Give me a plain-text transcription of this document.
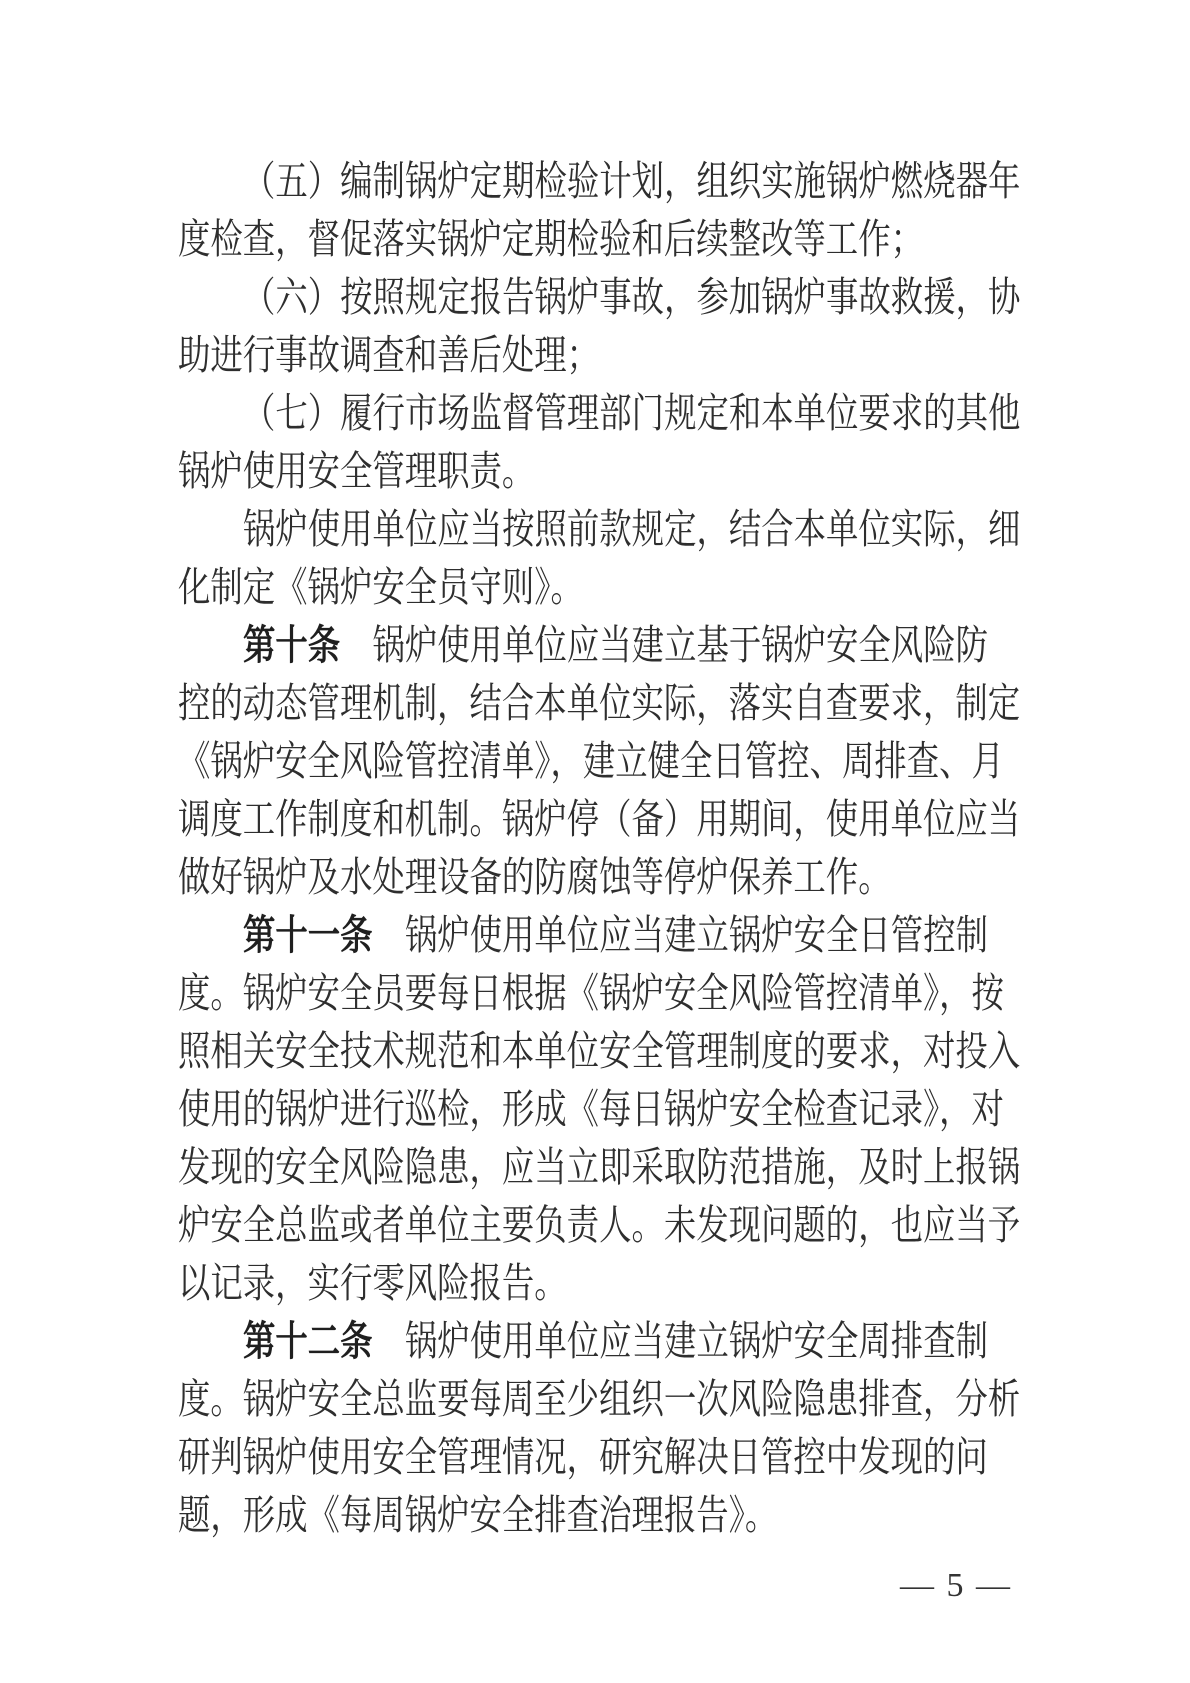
（五）编制锅炉定期检验计划，组织实施锅炉燃烧器年
度检查，督促落实锅炉定期检验和后续整改等工作；
（六）按照规定报告锅炉事故，参加锅炉事故救援，协
助进行事故调查和善后处理；
（七）履行市场监督管理部门规定和本单位要求的其他
锅炉使用安全管理职责。
锅炉使用单位应当按照前款规定，结合本单位实际，细
化制定《锅炉安全员守则》。
第十条　锅炉使用单位应当建立基于锅炉安全风险防
控的动态管理机制，结合本单位实际，落实自查要求，制定
《锅炉安全风险管控清单》，建立健全日管控、周排查、月
调度工作制度和机制。锅炉停（备）用期间，使用单位应当
做好锅炉及水处理设备的防腐蚀等停炉保养工作。
第十一条　锅炉使用单位应当建立锅炉安全日管控制
度。锅炉安全员要每日根据《锅炉安全风险管控清单》，按
照相关安全技术规范和本单位安全管理制度的要求，对投入
使用的锅炉进行巡检，形成《每日锅炉安全检查记录》，对
发现的安全风险隐患，应当立即采取防范措施，及时上报锅
炉安全总监或者单位主要负责人。未发现问题的，也应当予
以记录，实行零风险报告。
第十二条　锅炉使用单位应当建立锅炉安全周排查制
度。锅炉安全总监要每周至少组织一次风险隐患排查，分析
研判锅炉使用安全管理情况，研究解决日管控中发现的问
题，形成《每周锅炉安全排查治理报告》。
— 5 —
